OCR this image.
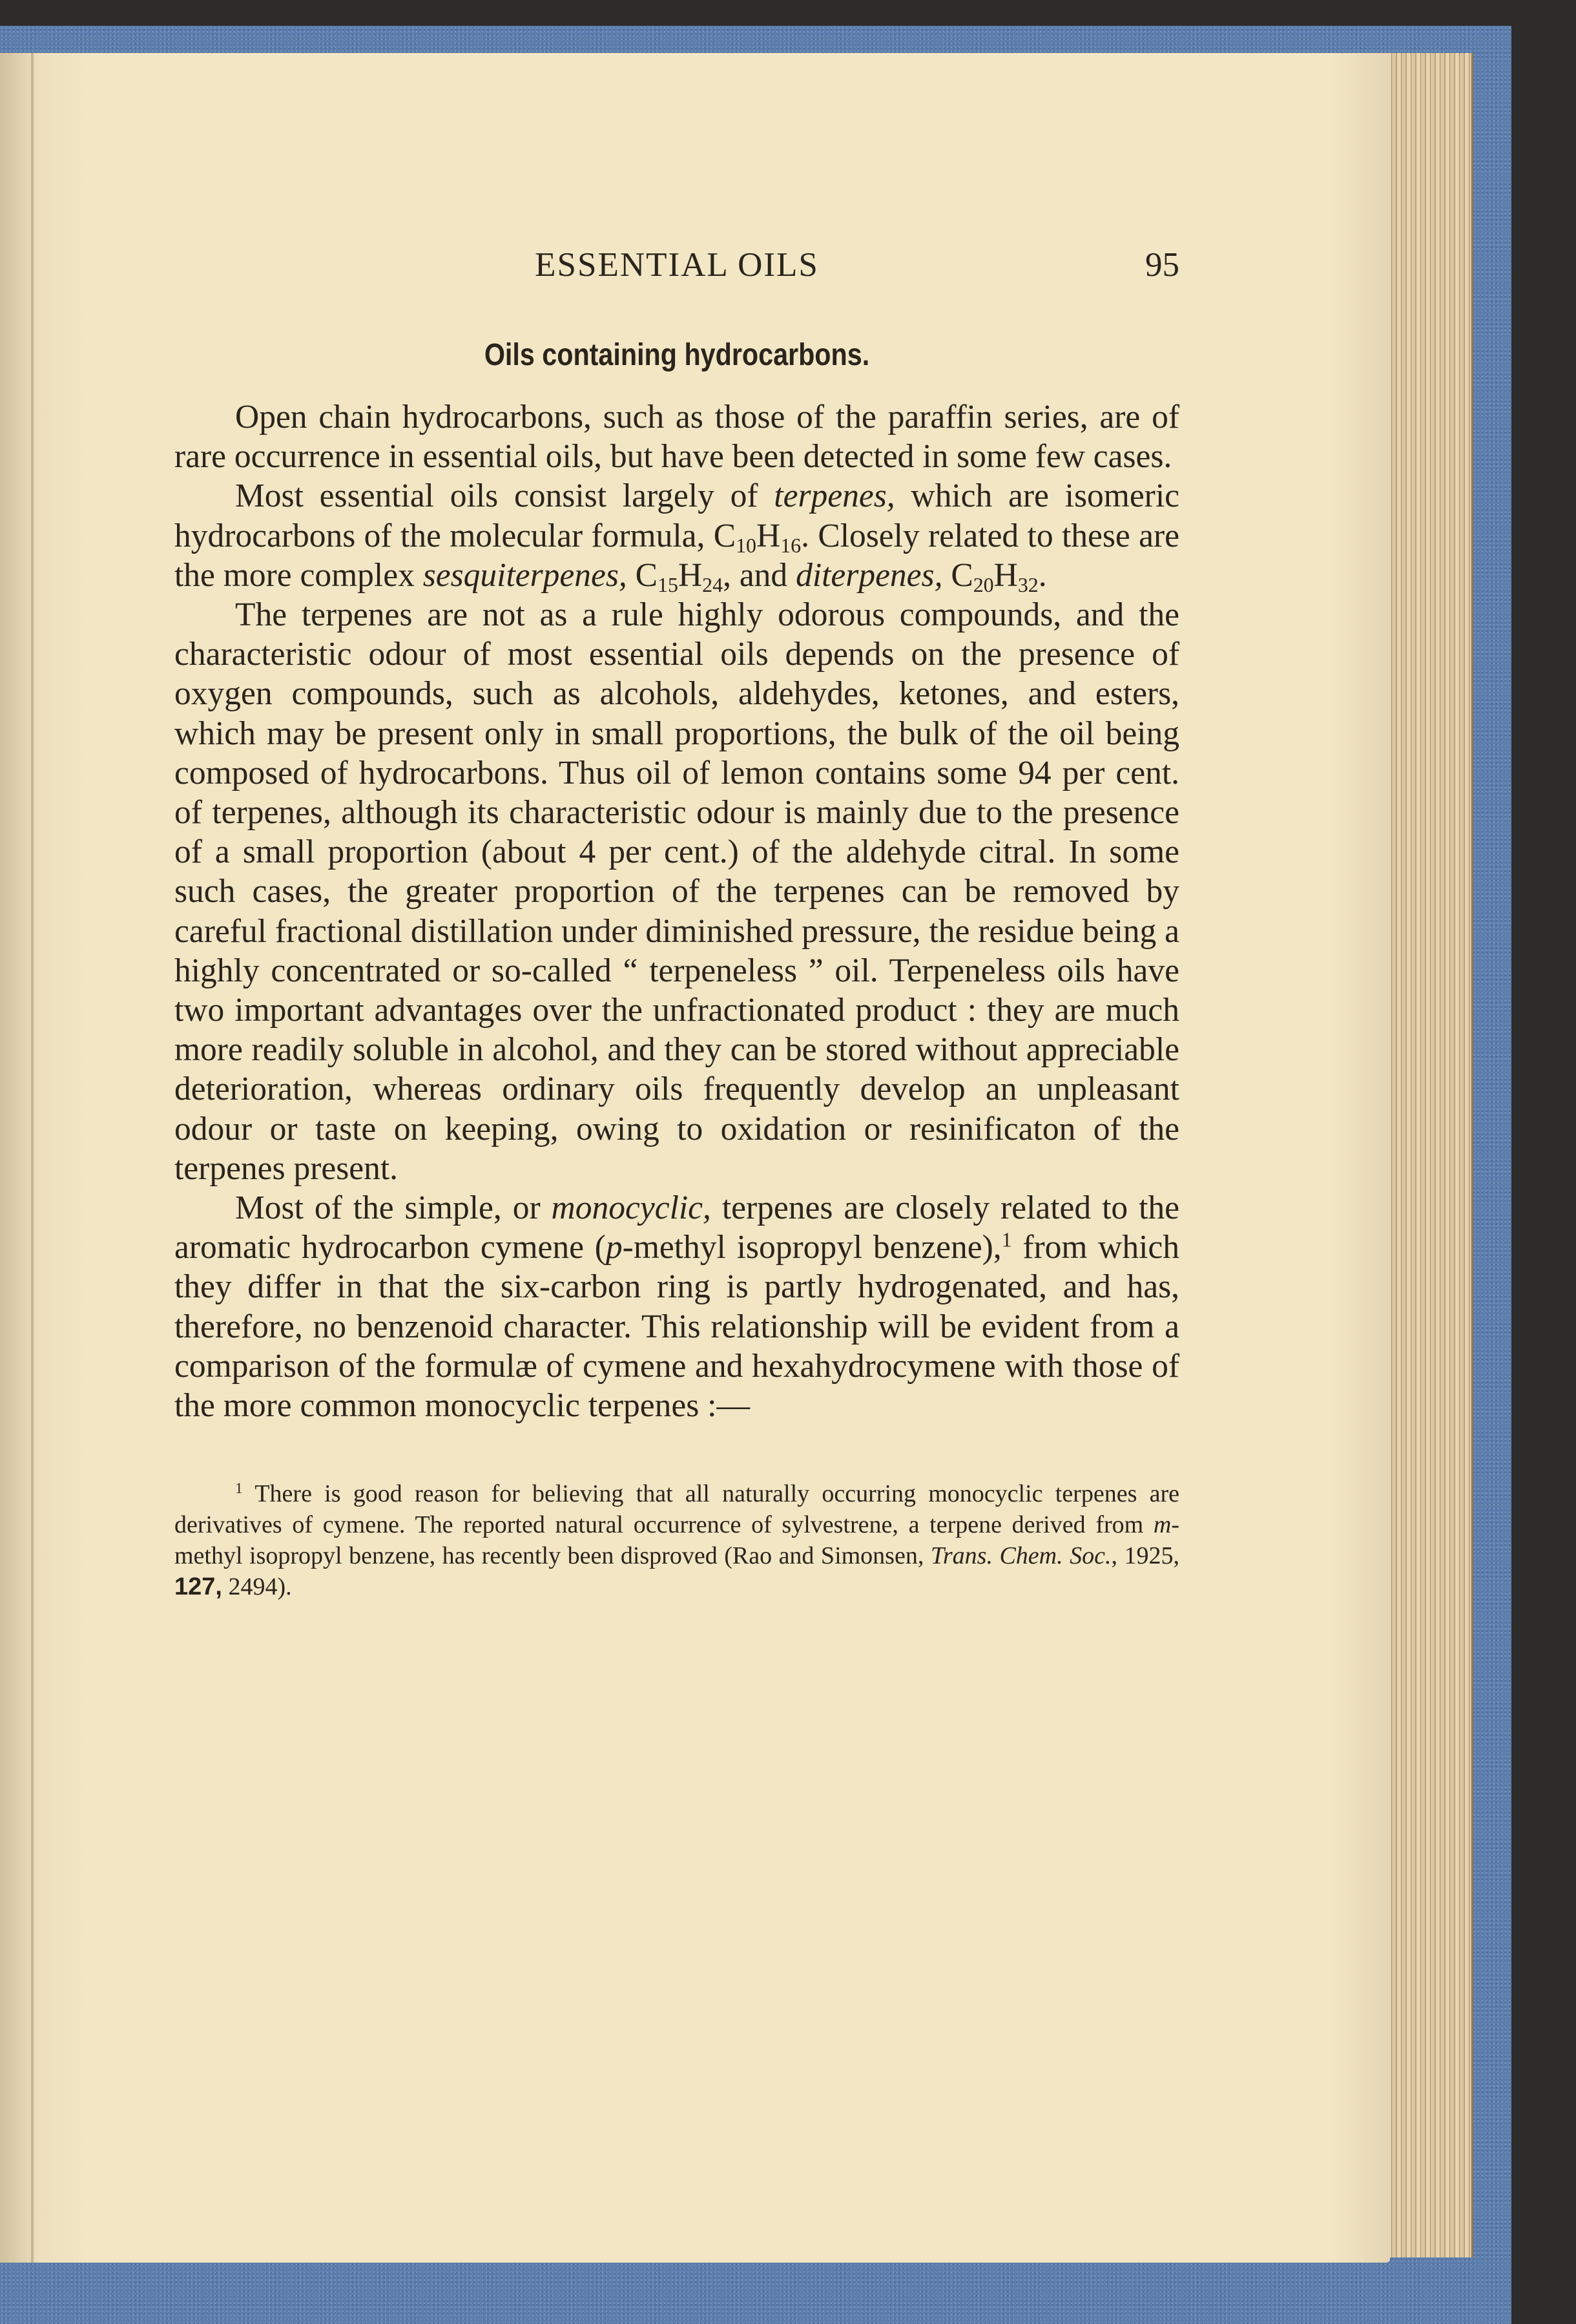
ESSENTIAL OILS	95
Oils containing hydrocarbons.

Open chain hydrocarbons, such as those of the paraffin series, are of rare occurrence in essential oils, but have been detected in some few cases.

Most essential oils consist largely of terpenes, which are isomeric hydrocarbons of the molecular formula, $C_{10}H_{16}$. Closely related to these are the more complex sesquiterpenes, $C_{15}H_{24}$, and diterpenes, $C_{20}H_{32}$.

The terpenes are not as a rule highly odorous compounds, and the characteristic odour of most essential oils depends on the presence of oxygen compounds, such as alcohols, aldehydes, ketones, and esters, which may be present only in small proportions, the bulk of the oil being composed of hydrocarbons. Thus oil of lemon contains some 94 per cent. of terpenes, although its characteristic odour is mainly due to the presence of a small proportion (about 4 per cent.) of the aldehyde citral. In some such cases, the greater proportion of the terpenes can be removed by careful fractional distillation under diminished pressure, the residue being a highly concentrated or so-called “ terpeneless ” oil. Terpeneless oils have two important advantages over the unfractionated product : they are much more readily soluble in alcohol, and they can be stored without appreciable deterioration, whereas ordinary oils frequently develop an unpleasant odour or taste on keeping, owing to oxidation or resinificaton of the terpenes present.

Most of the simple, or monocyclic, terpenes are closely related to the aromatic hydrocarbon cymene (p-methyl isopropyl benzene),$^1$ from which they differ in that the six-carbon ring is partly hydrogenated, and has, therefore, no benzenoid character. This relationship will be evident from a comparison of the formulæ of cymene and hexahydrocymene with those of the more common monocyclic terpenes :—

$^1$ There is good reason for believing that all naturally occurring monocyclic terpenes are derivatives of cymene. The reported natural occurrence of sylvestrene, a terpene derived from m-methyl isopropyl benzene, has recently been disproved (Rao and Simonsen, Trans. Chem. Soc., 1925, 127, 2494).
